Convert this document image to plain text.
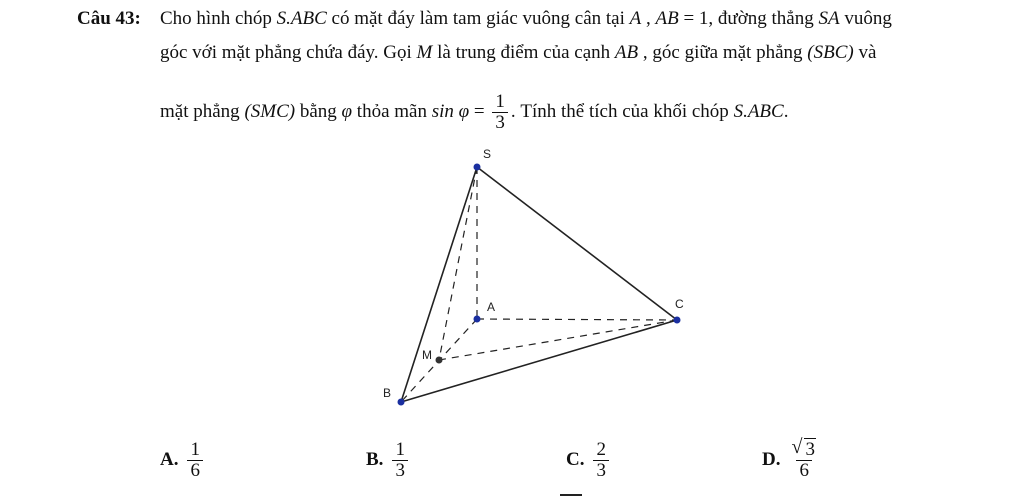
Câu 43: Cho hình chóp S.ABC có mặt đáy làm tam giác vuông cân tại A , AB = 1, đường thẳng SA vuông
góc với mặt phẳng chứa đáy. Gọi M là trung điểm của cạnh AB , góc giữa mặt phẳng (SBC) và
mặt phẳng (SMC) bằng φ thỏa mãn $\sin \varphi = \frac{1}{3}$ . Tính thể tích của khối chóp S.ABC.
S
A
B
C
M
A. $\frac{1}{6}$	B. $\frac{1}{3}$	C. $\frac{2}{3}$	D.
√ $\frac{3}{6}$
